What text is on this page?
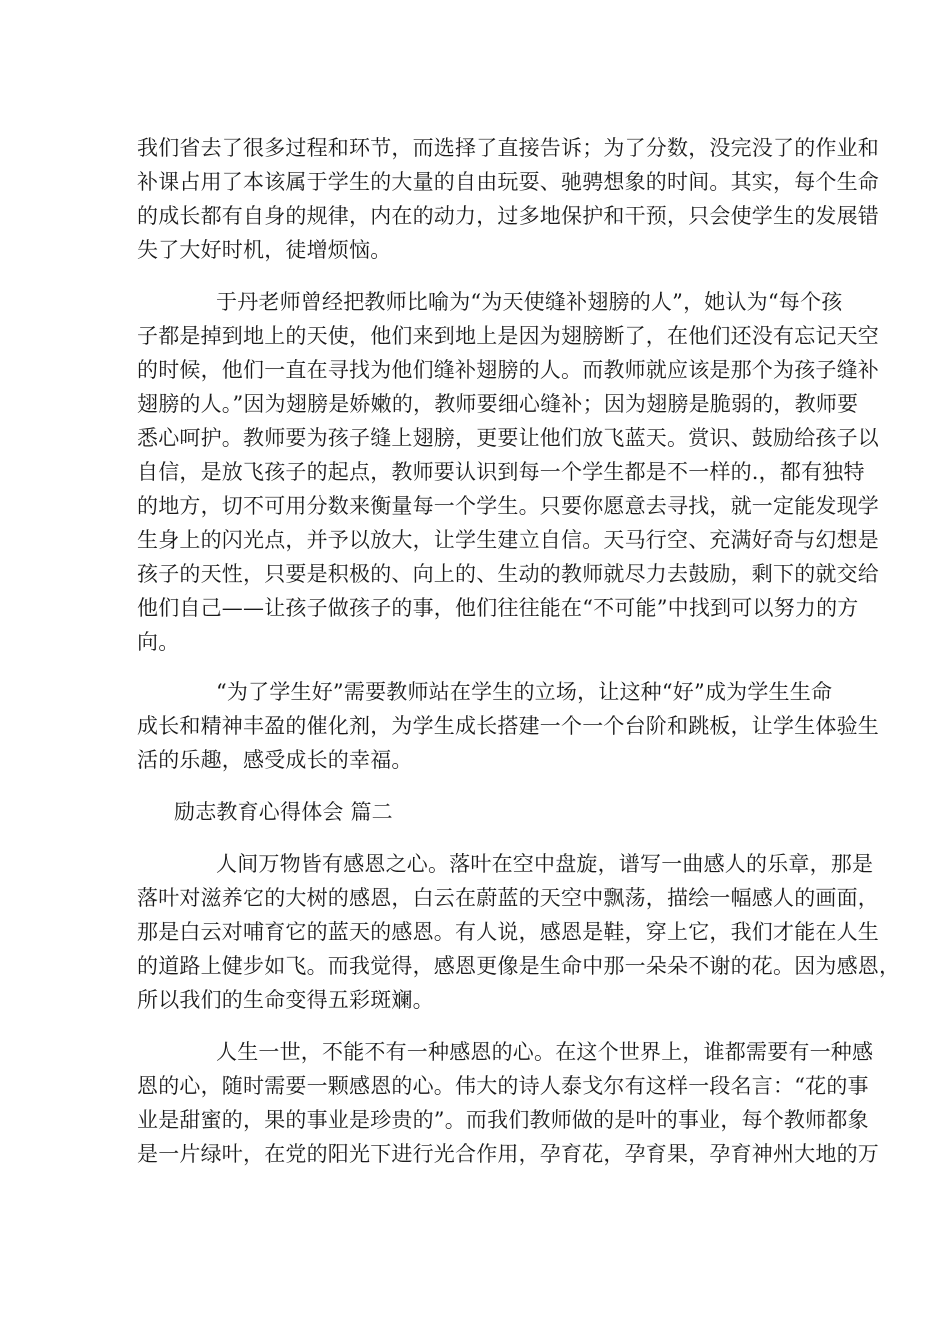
我们省去了很多过程和环节，而选择了直接告诉；为了分数，没完没了的作业和
补课占用了本该属于学生的大量的自由玩耍、驰骋想象的时间。其实，每个生命
的成长都有自身的规律，内在的动力，过多地保护和干预，只会使学生的发展错
失了大好时机，徒增烦恼。
于丹老师曾经把教师比喻为“为天使缝补翅膀的人”，她认为“每个孩
子都是掉到地上的天使，他们来到地上是因为翅膀断了，在他们还没有忘记天空
的时候，他们一直在寻找为他们缝补翅膀的人。而教师就应该是那个为孩子缝补
翅膀的人。”因为翅膀是娇嫩的，教师要细心缝补；因为翅膀是脆弱的，教师要
悉心呵护。教师要为孩子缝上翅膀，更要让他们放飞蓝天。赏识、鼓励给孩子以
自信，是放飞孩子的起点，教师要认识到每一个学生都是不一样的.，都有独特
的地方，切不可用分数来衡量每一个学生。只要你愿意去寻找，就一定能发现学
生身上的闪光点，并予以放大，让学生建立自信。天马行空、充满好奇与幻想是
孩子的天性，只要是积极的、向上的、生动的教师就尽力去鼓励，剩下的就交给
他们自己——让孩子做孩子的事，他们往往能在“不可能”中找到可以努力的方
向。
“为了学生好”需要教师站在学生的立场，让这种“好”成为学生生命
成长和精神丰盈的催化剂，为学生成长搭建一个一个台阶和跳板，让学生体验生
活的乐趣，感受成长的幸福。
励志教育心得体会 篇二
人间万物皆有感恩之心。落叶在空中盘旋，谱写一曲感人的乐章，那是
落叶对滋养它的大树的感恩，白云在蔚蓝的天空中飘荡，描绘一幅感人的画面，
那是白云对哺育它的蓝天的感恩。有人说，感恩是鞋，穿上它，我们才能在人生
的道路上健步如飞。而我觉得，感恩更像是生命中那一朵朵不谢的花。因为感恩，
所以我们的生命变得五彩斑斓。
人生一世，不能不有一种感恩的心。在这个世界上，谁都需要有一种感
恩的心，随时需要一颗感恩的心。伟大的诗人泰戈尔有这样一段名言：“花的事
业是甜蜜的，果的事业是珍贵的”。而我们教师做的是叶的事业，每个教师都象
是一片绿叶，在党的阳光下进行光合作用，孕育花，孕育果，孕育神州大地的万
